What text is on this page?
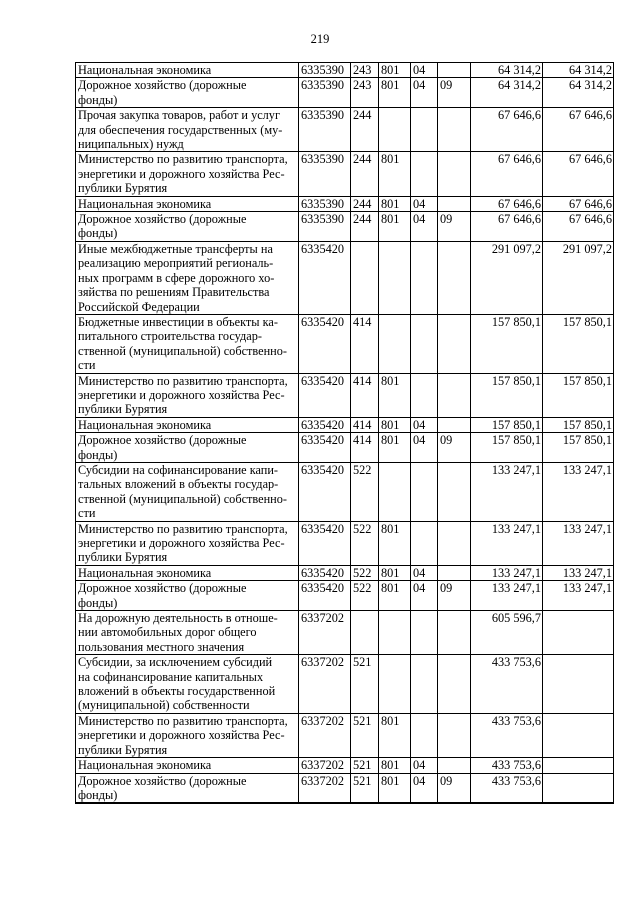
219
Национальная экономика	6335390	243	801	04		64 314,2	64 314,2
Дорожное хозяйство (дорожные
фонды)	6335390	243	801	04	09	64 314,2	64 314,2
Прочая закупка товаров, работ и услуг
для обеспечения государственных (му-
ниципальных) нужд	6335390	244				67 646,6	67 646,6
Министерство по развитию транспорта,
энергетики и дорожного хозяйства Рес-
публики Бурятия	6335390	244	801			67 646,6	67 646,6
Национальная экономика	6335390	244	801	04		67 646,6	67 646,6
Дорожное хозяйство (дорожные
фонды)	6335390	244	801	04	09	67 646,6	67 646,6
Иные межбюджетные трансферты на
реализацию мероприятий региональ-
ных программ в сфере дорожного хо-
зяйства по решениям Правительства
Российской Федерации	6335420					291 097,2	291 097,2
Бюджетные инвестиции в объекты ка-
питального строительства государ-
ственной (муниципальной) собственно-
сти	6335420	414				157 850,1	157 850,1
Министерство по развитию транспорта,
энергетики и дорожного хозяйства Рес-
публики Бурятия	6335420	414	801			157 850,1	157 850,1
Национальная экономика	6335420	414	801	04		157 850,1	157 850,1
Дорожное хозяйство (дорожные
фонды)	6335420	414	801	04	09	157 850,1	157 850,1
Субсидии на софинансирование капи-
тальных вложений в объекты государ-
ственной (муниципальной) собственно-
сти	6335420	522				133 247,1	133 247,1
Министерство по развитию транспорта,
энергетики и дорожного хозяйства Рес-
публики Бурятия	6335420	522	801			133 247,1	133 247,1
Национальная экономика	6335420	522	801	04		133 247,1	133 247,1
Дорожное хозяйство (дорожные
фонды)	6335420	522	801	04	09	133 247,1	133 247,1
На дорожную деятельность в отноше-
нии автомобильных дорог общего
пользования местного значения	6337202					605 596,7	
Субсидии, за исключением субсидий
на софинансирование капитальных
вложений в объекты государственной
(муниципальной) собственности	6337202	521				433 753,6	
Министерство по развитию транспорта,
энергетики и дорожного хозяйства Рес-
публики Бурятия	6337202	521	801			433 753,6	
Национальная экономика	6337202	521	801	04		433 753,6	
Дорожное хозяйство (дорожные
фонды)	6337202	521	801	04	09	433 753,6	
